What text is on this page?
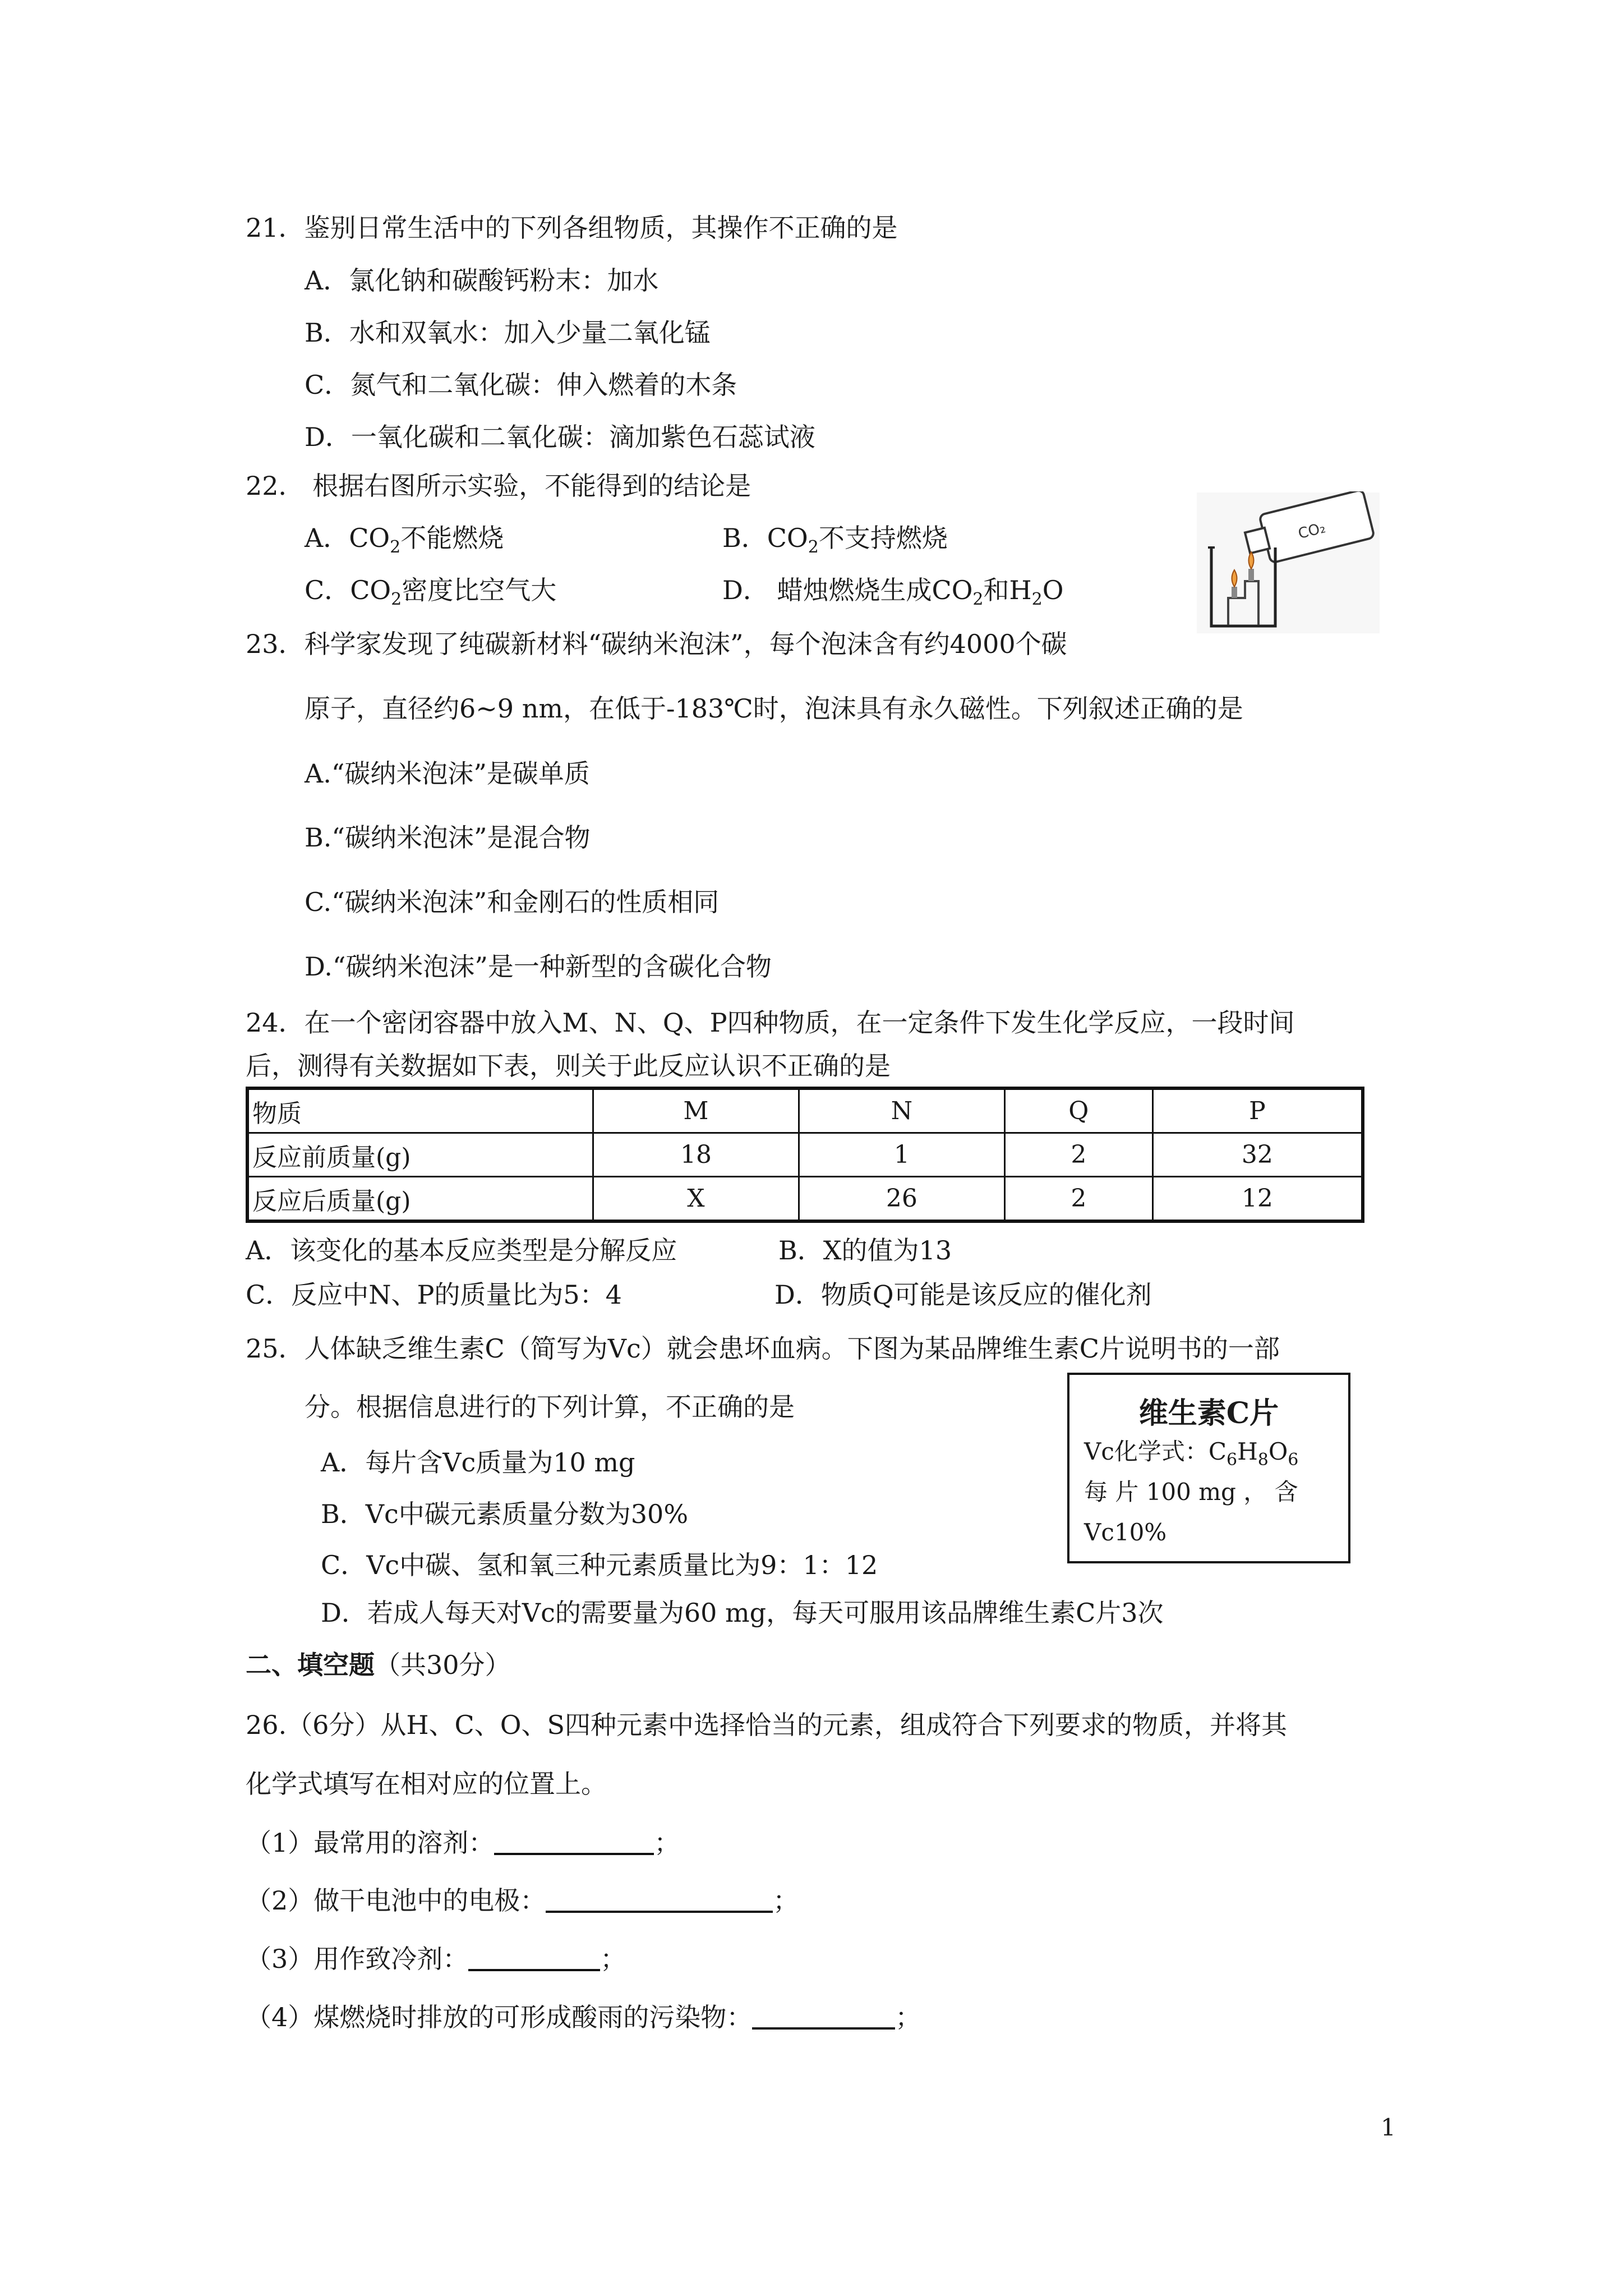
21．鉴别日常生活中的下列各组物质，其操作不正确的是
A．氯化钠和碳酸钙粉末：加水
B．水和双氧水：加入少量二氧化锰
C．氮气和二氧化碳：伸入燃着的木条
D．一氧化碳和二氧化碳：滴加紫色石蕊试液
22． 根据右图所示实验，不能得到的结论是
A．$CO_2$不能燃烧	B．$CO_2$不支持燃烧
C．$CO_2$密度比空气大	D． 蜡烛燃烧生成$CO_2$和$H_2O$
CO₂
23．科学家发现了纯碳新材料“碳纳米泡沫”，每个泡沫含有约4000个碳
原子，直径约6~9 nm，在低于-183℃时，泡沫具有永久磁性。下列叙述正确的是
A.“碳纳米泡沫”是碳单质
B.“碳纳米泡沫”是混合物
C.“碳纳米泡沫”和金刚石的性质相同
D.“碳纳米泡沫”是一种新型的含碳化合物
24．在一个密闭容器中放入M、N、Q、P四种物质，在一定条件下发生化学反应，一段时间
后，测得有关数据如下表，则关于此反应认识不正确的是
物质	M	N	Q	P
反应前质量(g)	18	1	2	32
反应后质量(g)	X	26	2	12
A．该变化的基本反应类型是分解反应	B．X的值为13
C．反应中N、P的质量比为5：4	D．物质Q可能是该反应的催化剂
25．人体缺乏维生素C（简写为Vc）就会患坏血病。下图为某品牌维生素C片说明书的一部
分。根据信息进行的下列计算，不正确的是
A．每片含Vc质量为10 mg
B．Vc中碳元素质量分数为30%
C．Vc中碳、氢和氧三种元素质量比为9：1：12
D．若成人每天对Vc的需要量为60 mg，每天可服用该品牌维生素C片3次
维生素C片
Vc化学式：$C_6H_8O_6$
每 片 100 mg ， 含
Vc10%
二、填空题（共30分）
26.（6分）从H、C、O、S四种元素中选择恰当的元素，组成符合下列要求的物质，并将其
化学式填写在相对应的位置上。
（1）最常用的溶剂：	；
（2）做干电池中的电极：	；
（3）用作致冷剂：	；
（4）煤燃烧时排放的可形成酸雨的污染物：	；
1
